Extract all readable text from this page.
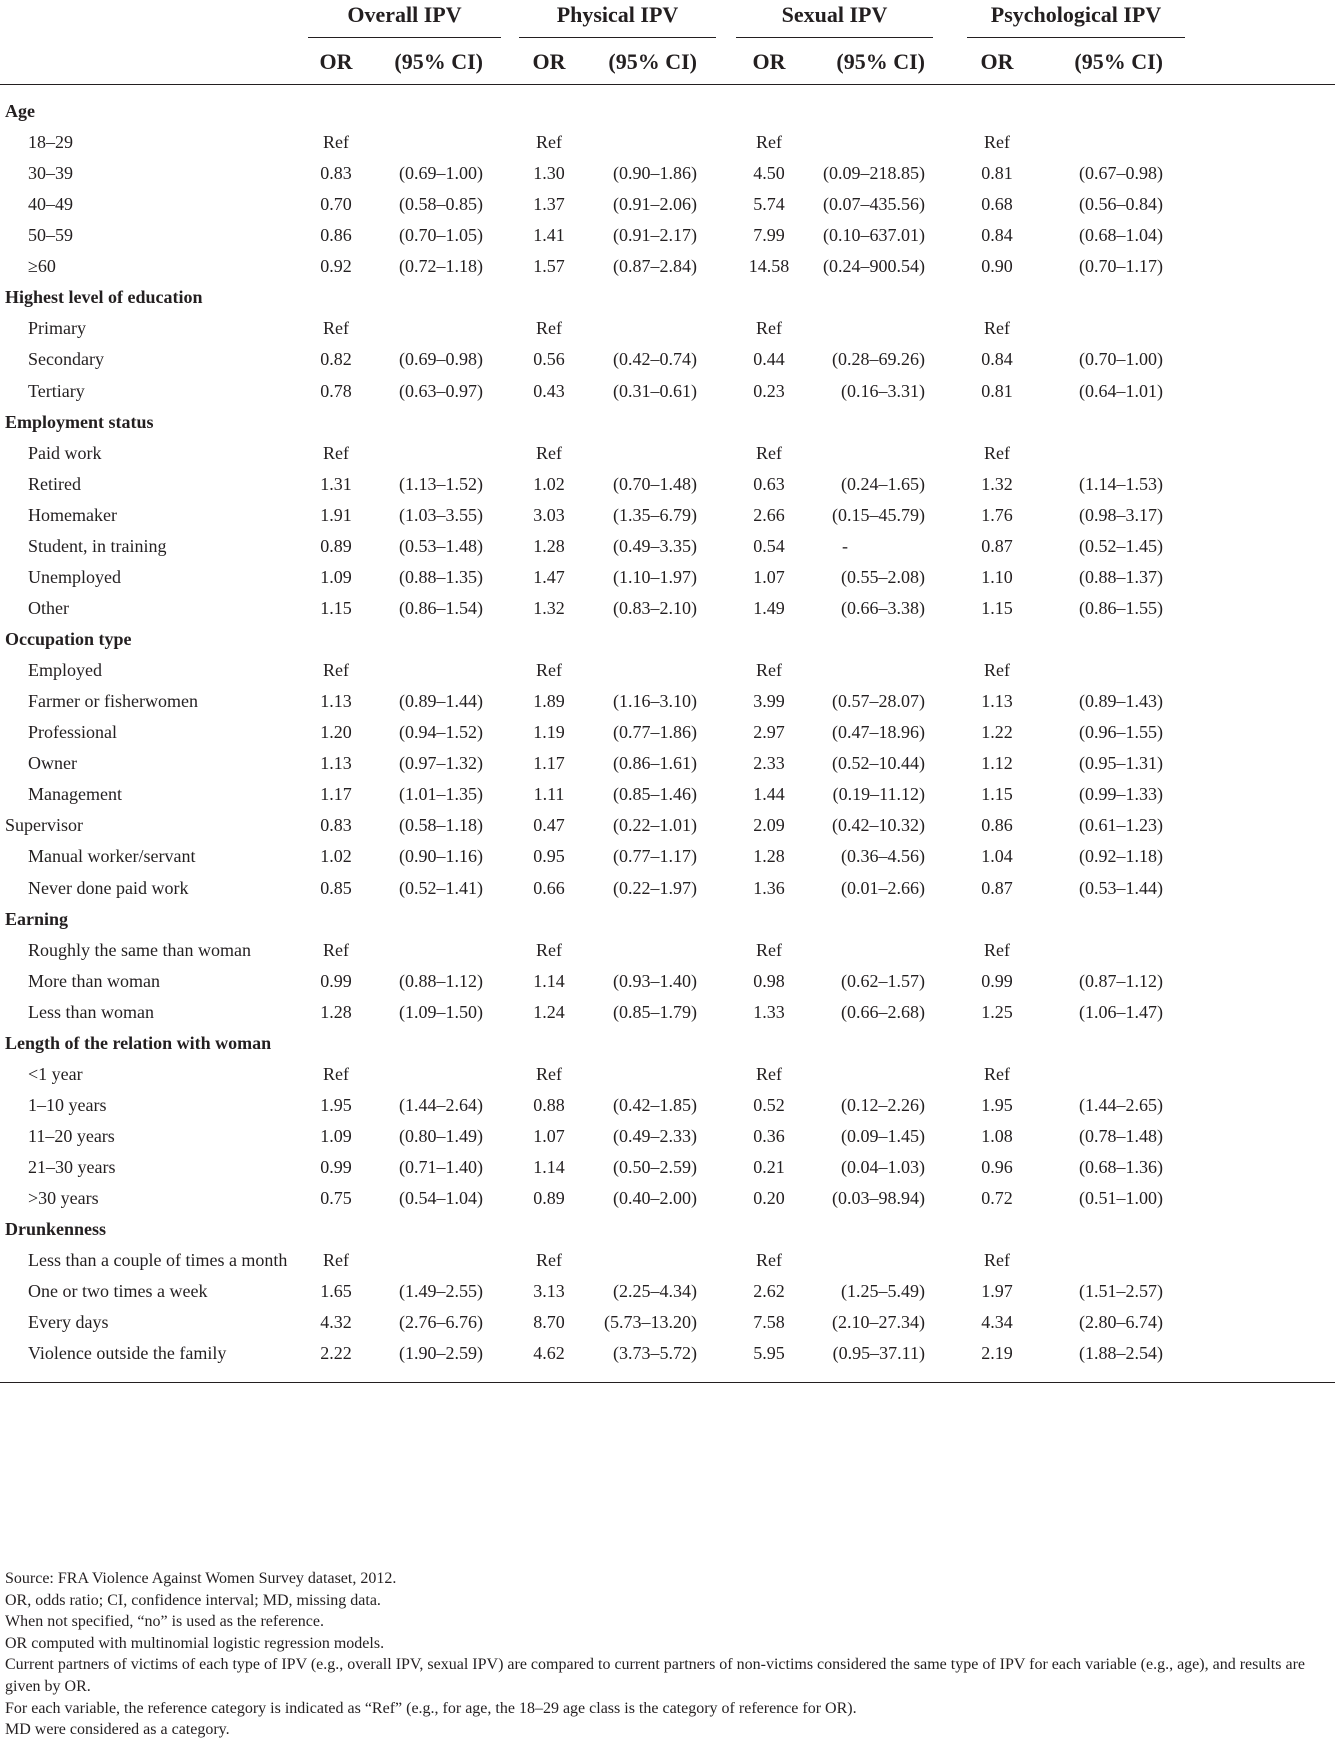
Overall IPV
OR	(95% CI)
Physical IPV
OR	(95% CI)
Sexual IPV
OR	(95% CI)
Psychological IPV
OR	(95% CI)
Age
18–29	Ref	Ref	Ref	Ref
30–39	0.83	(0.69–1.00)	1.30	(0.90–1.86)	4.50	(0.09–218.85)	0.81	(0.67–0.98)
40–49	0.70	(0.58–0.85)	1.37	(0.91–2.06)	5.74	(0.07–435.56)	0.68	(0.56–0.84)
50–59	0.86	(0.70–1.05)	1.41	(0.91–2.17)	7.99	(0.10–637.01)	0.84	(0.68–1.04)
≥60	0.92	(0.72–1.18)	1.57	(0.87–2.84)	14.58	(0.24–900.54)	0.90	(0.70–1.17)
Highest level of education
Primary	Ref	Ref	Ref	Ref
Secondary	0.82	(0.69–0.98)	0.56	(0.42–0.74)	0.44	(0.28–69.26)	0.84	(0.70–1.00)
Tertiary	0.78	(0.63–0.97)	0.43	(0.31–0.61)	0.23	(0.16–3.31)	0.81	(0.64–1.01)
Employment status
Paid work	Ref	Ref	Ref	Ref
Retired	1.31	(1.13–1.52)	1.02	(0.70–1.48)	0.63	(0.24–1.65)	1.32	(1.14–1.53)
Homemaker	1.91	(1.03–3.55)	3.03	(1.35–6.79)	2.66	(0.15–45.79)	1.76	(0.98–3.17)
Student, in training	0.89	(0.53–1.48)	1.28	(0.49–3.35)	0.54	-	0.87	(0.52–1.45)
Unemployed	1.09	(0.88–1.35)	1.47	(1.10–1.97)	1.07	(0.55–2.08)	1.10	(0.88–1.37)
Other	1.15	(0.86–1.54)	1.32	(0.83–2.10)	1.49	(0.66–3.38)	1.15	(0.86–1.55)
Occupation type
Employed	Ref	Ref	Ref	Ref
Farmer or fisherwomen	1.13	(0.89–1.44)	1.89	(1.16–3.10)	3.99	(0.57–28.07)	1.13	(0.89–1.43)
Professional	1.20	(0.94–1.52)	1.19	(0.77–1.86)	2.97	(0.47–18.96)	1.22	(0.96–1.55)
Owner	1.13	(0.97–1.32)	1.17	(0.86–1.61)	2.33	(0.52–10.44)	1.12	(0.95–1.31)
Management	1.17	(1.01–1.35)	1.11	(0.85–1.46)	1.44	(0.19–11.12)	1.15	(0.99–1.33)
Supervisor	0.83	(0.58–1.18)	0.47	(0.22–1.01)	2.09	(0.42–10.32)	0.86	(0.61–1.23)
Manual worker/servant	1.02	(0.90–1.16)	0.95	(0.77–1.17)	1.28	(0.36–4.56)	1.04	(0.92–1.18)
Never done paid work	0.85	(0.52–1.41)	0.66	(0.22–1.97)	1.36	(0.01–2.66)	0.87	(0.53–1.44)
Earning
Roughly the same than woman	Ref	Ref	Ref	Ref
More than woman	0.99	(0.88–1.12)	1.14	(0.93–1.40)	0.98	(0.62–1.57)	0.99	(0.87–1.12)
Less than woman	1.28	(1.09–1.50)	1.24	(0.85–1.79)	1.33	(0.66–2.68)	1.25	(1.06–1.47)
Length of the relation with woman
<1 year	Ref	Ref	Ref	Ref
1–10 years	1.95	(1.44–2.64)	0.88	(0.42–1.85)	0.52	(0.12–2.26)	1.95	(1.44–2.65)
11–20 years	1.09	(0.80–1.49)	1.07	(0.49–2.33)	0.36	(0.09–1.45)	1.08	(0.78–1.48)
21–30 years	0.99	(0.71–1.40)	1.14	(0.50–2.59)	0.21	(0.04–1.03)	0.96	(0.68–1.36)
>30 years	0.75	(0.54–1.04)	0.89	(0.40–2.00)	0.20	(0.03–98.94)	0.72	(0.51–1.00)
Drunkenness
Less than a couple of times a month	Ref	Ref	Ref	Ref
One or two times a week	1.65	(1.49–2.55)	3.13	(2.25–4.34)	2.62	(1.25–5.49)	1.97	(1.51–2.57)
Every days	4.32	(2.76–6.76)	8.70	(5.73–13.20)	7.58	(2.10–27.34)	4.34	(2.80–6.74)
Violence outside the family	2.22	(1.90–2.59)	4.62	(3.73–5.72)	5.95	(0.95–37.11)	2.19	(1.88–2.54)

Source: FRA Violence Against Women Survey dataset, 2012.

OR, odds ratio; CI, confidence interval; MD, missing data.

When not specified, “no” is used as the reference.

OR computed with multinomial logistic regression models.

Current partners of victims of each type of IPV (e.g., overall IPV, sexual IPV) are compared to current partners of non-victims considered the same type of IPV for each variable (e.g., age), and results are given by OR.

For each variable, the reference category is indicated as “Ref” (e.g., for age, the 18–29 age class is the category of reference for OR).

MD were considered as a category.
